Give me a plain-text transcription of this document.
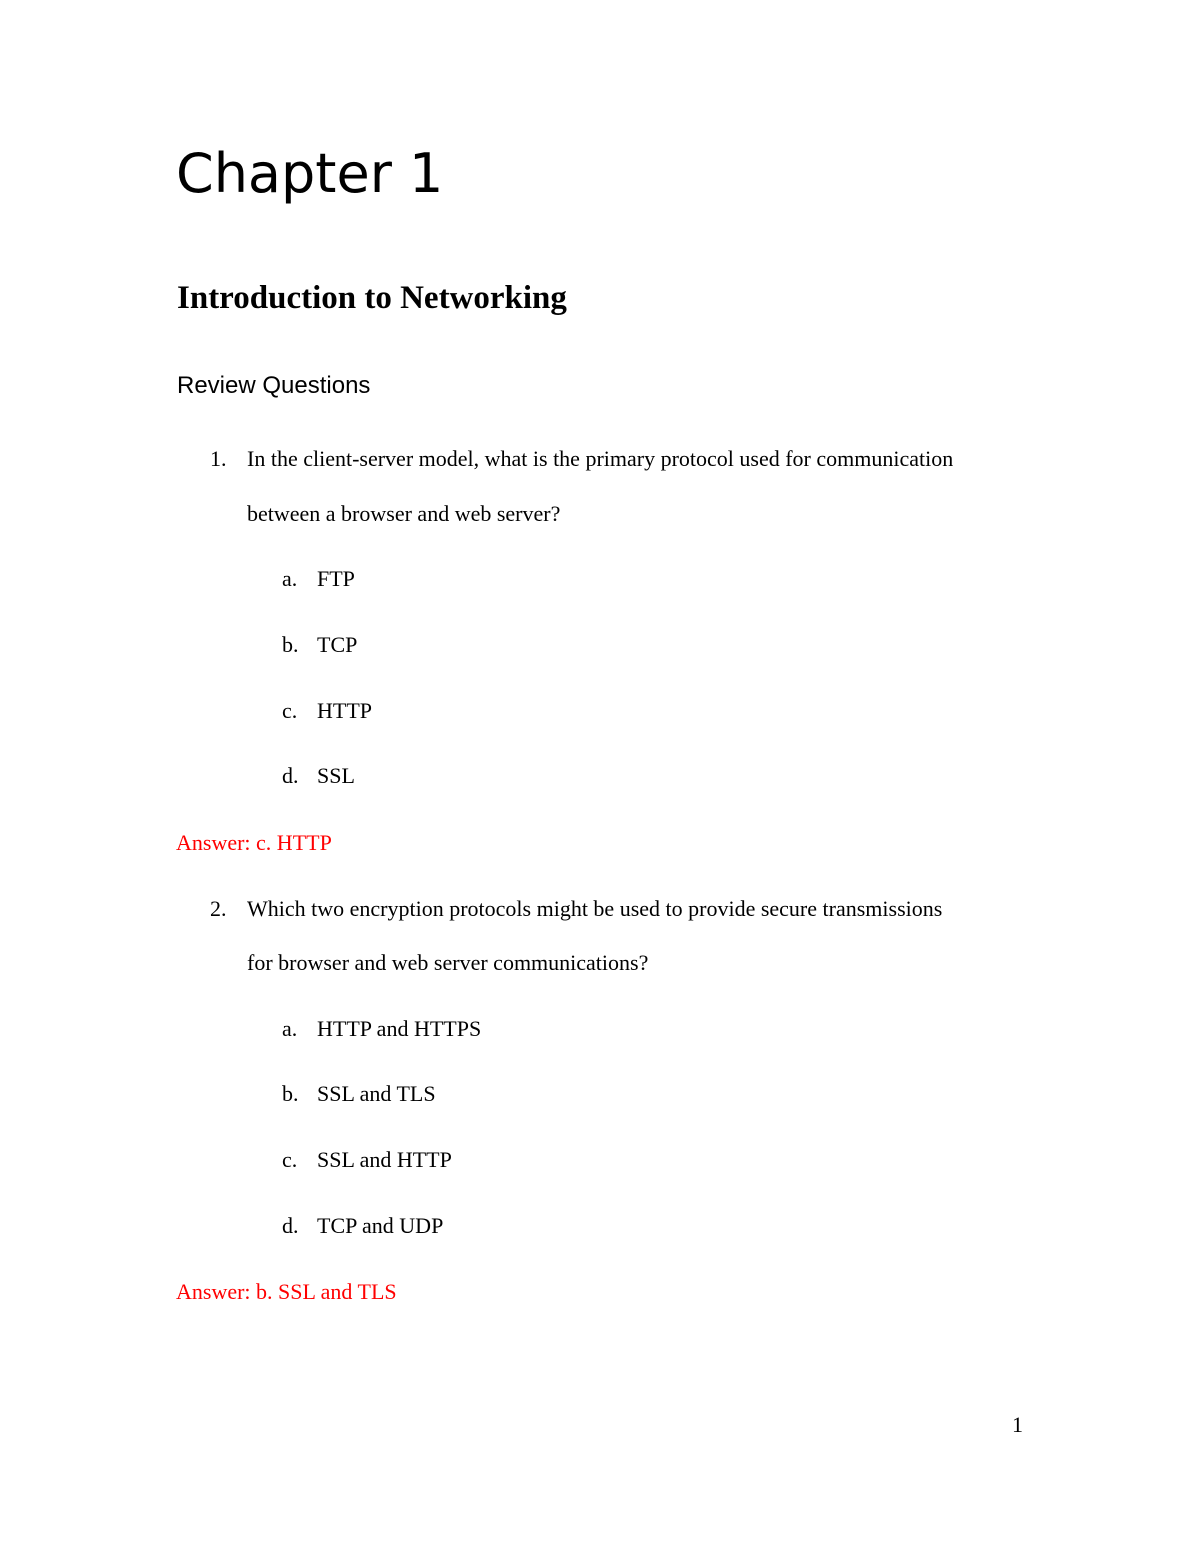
Chapter 1
Introduction to Networking
Review Questions
1. In the client-server model, what is the primary protocol used for communication
between a browser and web server?
a. FTP
b. TCP
c. HTTP
d. SSL
Answer: c. HTTP
2. Which two encryption protocols might be used to provide secure transmissions
for browser and web server communications?
a. HTTP and HTTPS
b. SSL and TLS
c. SSL and HTTP
d. TCP and UDP
Answer: b. SSL and TLS
1
